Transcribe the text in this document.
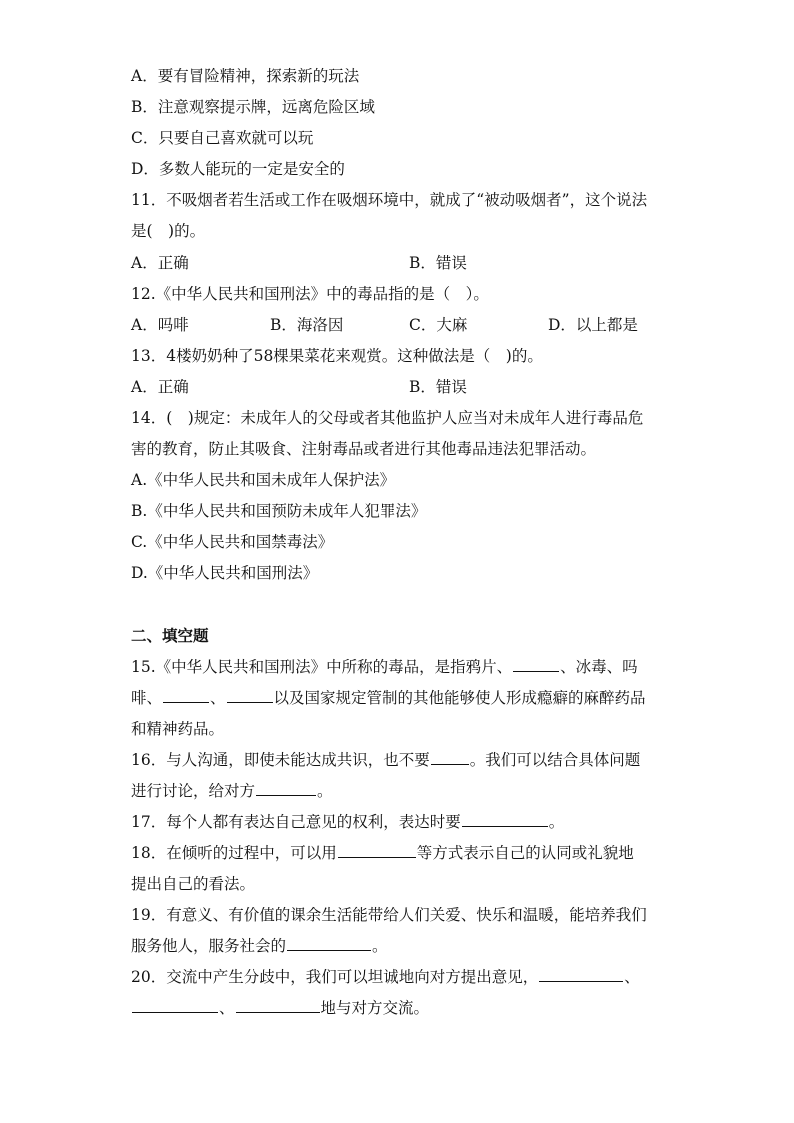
A．要有冒险精神，探索新的玩法
B．注意观察提示牌，远离危险区域
C．只要自己喜欢就可以玩
D．多数人能玩的一定是安全的
11．不吸烟者若生活或工作在吸烟环境中，就成了“被动吸烟者”，这个说法
是(　)的。
A．正确	B．错误
12.《中华人民共和国刑法》中的毒品指的是（　）。
A．吗啡	B．海洛因	C．大麻	D．以上都是
13．4楼奶奶种了58棵果菜花来观赏。这种做法是（　)的。
A．正确	B．错误
14．(　)规定：未成年人的父母或者其他监护人应当对未成年人进行毒品危
害的教育，防止其吸食、注射毒品或者进行其他毒品违法犯罪活动。
A.《中华人民共和国未成年人保护法》
B.《中华人民共和国预防未成年人犯罪法》
C.《中华人民共和国禁毒法》
D.《中华人民共和国刑法》
二、填空题
15.《中华人民共和国刑法》中所称的毒品，是指鸦片、	、冰毒、吗
啡、	、	以及国家规定管制的其他能够使人形成瘾癖的麻醉药品
和精神药品。
16．与人沟通，即使未能达成共识，也不要	。我们可以结合具体问题
进行讨论，给对方	。
17．每个人都有表达自己意见的权利，表达时要	。
18．在倾听的过程中，可以用	等方式表示自己的认同或礼貌地
提出自己的看法。
19．有意义、有价值的课余生活能带给人们关爱、快乐和温暖，能培养我们
服务他人，服务社会的	。
20．交流中产生分歧中，我们可以坦诚地向对方提出意见，	、
、	地与对方交流。
